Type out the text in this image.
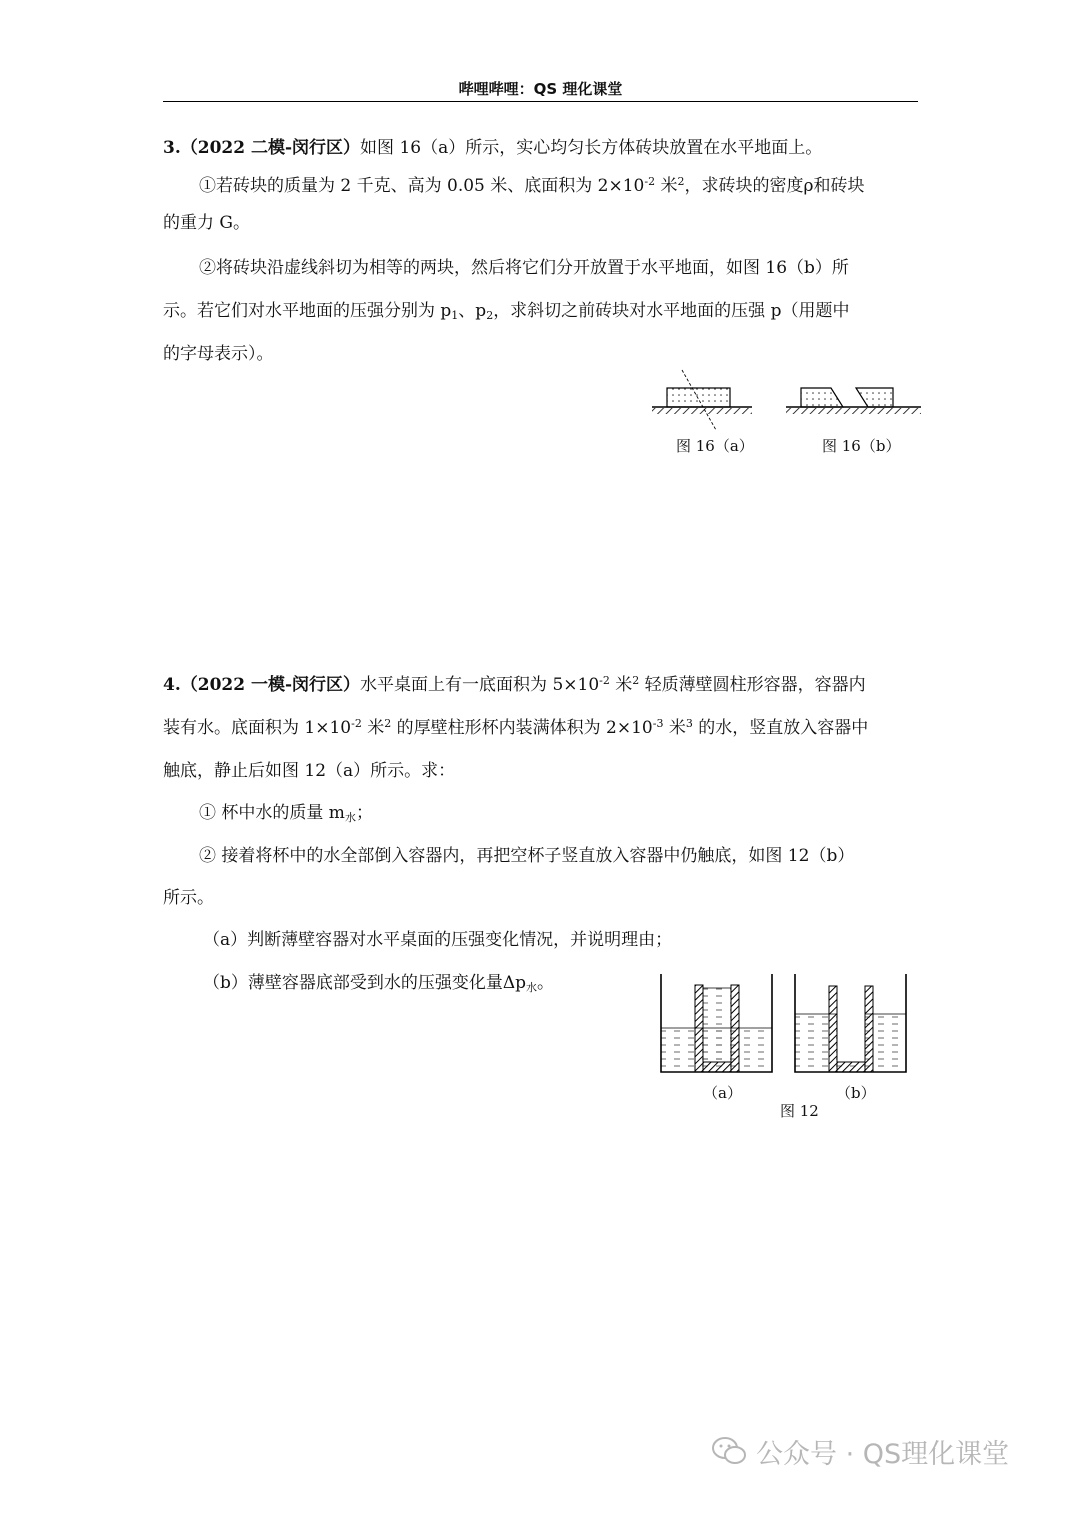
哔哩哔哩：QS 理化课堂
3.（2022 二模-闵行区）如图 16（a）所示，实心均匀长方体砖块放置在水平地面上。
①若砖块的质量为 2 千克、高为 0.05 米、底面积为 $2\times 10^{-2}$ 米$^2$，求砖块的密度ρ和砖块
的重力 G。
②将砖块沿虚线斜切为相等的两块，然后将它们分开放置于水平地面，如图 16（b）所
示。若它们对水平地面的压强分别为 $p_1$、$p_2$，求斜切之前砖块对水平地面的压强 p（用题中
的字母表示）。
图 16（a）	图 16（b）
4.（2022 一模-闵行区）水平桌面上有一底面积为 $5\times 10^{-2}$ 米$^2$ 轻质薄壁圆柱形容器，容器内
装有水。底面积为 $1\times 10^{-2}$ 米$^2$ 的厚壁柱形杯内装满体积为 $2\times 10^{-3}$ 米$^3$ 的水，竖直放入容器中
触底，静止后如图 12（a）所示。求：
① 杯中水的质量 $m_水$；
② 接着将杯中的水全部倒入容器内，再把空杯子竖直放入容器中仍触底，如图 12（b）
所示。
（a）判断薄壁容器对水平桌面的压强变化情况，并说明理由；
（b）薄壁容器底部受到水的压强变化量$\Delta p_水$。
（a）	（b）
图 12
公众号 · QS理化课堂
